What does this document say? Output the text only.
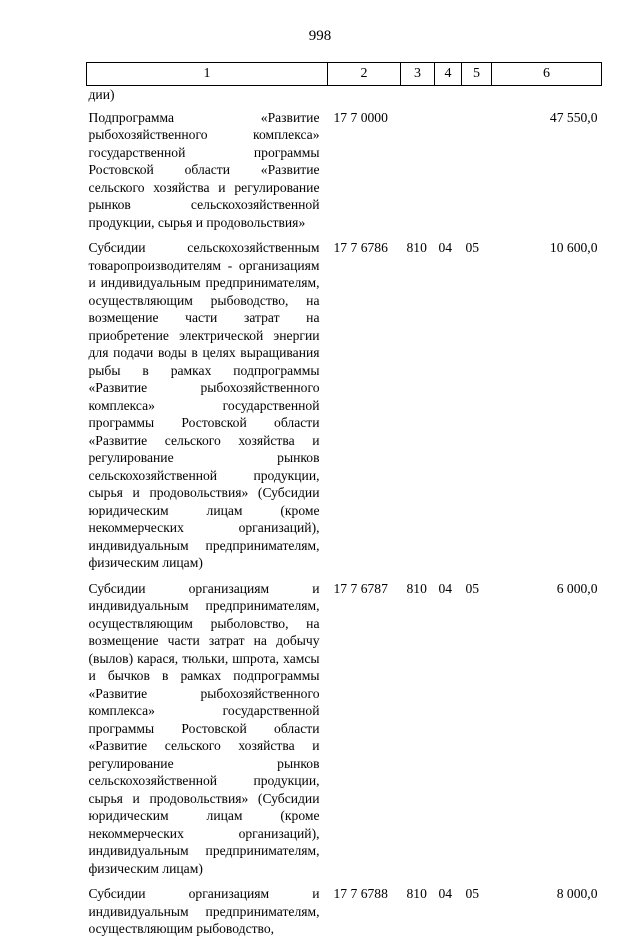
998
1	2	3	4	5	6
дии)					
Подпрограмма «Развитие рыбохозяйственного комплекса» государственной программы Ростовской области «Развитие сельского хозяйства и регулирование рынков сельскохозяйственной продукции, сырья и продовольствия»	17 7 0000				47 550,0
Субсидии сельскохозяйственным товаропроизводителям - организациям и индивидуальным предпринимателям, осуществляющим рыбоводство, на возмещение части затрат на приобретение электрической энергии для подачи воды в целях выращивания рыбы в рамках подпрограммы «Развитие рыбохозяйственного комплекса» государственной программы Ростовской области «Развитие сельского хозяйства и регулирование рынков сельскохозяйственной продукции, сырья и продовольствия» (Субсидии юридическим лицам (кроме некоммерческих организаций), индивидуальным предпринимателям, физическим лицам)	17 7 6786	810	04	05	10 600,0
Субсидии организациям и индивидуальным предпринимателям, осуществляющим рыболовство, на возмещение части затрат на добычу (вылов) карася, тюльки, шпрота, хамсы и бычков в рамках подпрограммы «Развитие рыбохозяйственного комплекса» государственной программы Ростовской области «Развитие сельского хозяйства и регулирование рынков сельскохозяйственной продукции, сырья и продовольствия» (Субсидии юридическим лицам (кроме некоммерческих организаций), индивидуальным предпринимателям, физическим лицам)	17 7 6787	810	04	05	6 000,0
Субсидии организациям и индивидуальным предпринимателям, осуществляющим рыбоводство,	17 7 6788	810	04	05	8 000,0
